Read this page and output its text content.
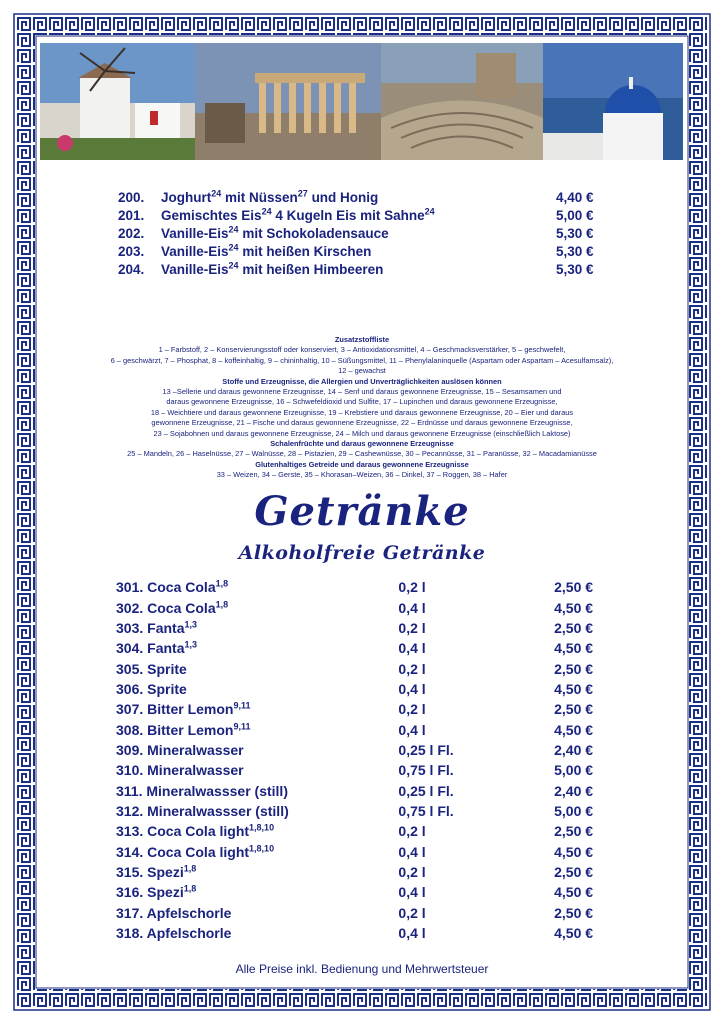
200.	Joghurt$^{24}$ mit Nüssen$^{27}$ und Honig	4,40 €
201.	Gemischtes Eis$^{24}$ 4 Kugeln Eis mit Sahne$^{24}$	5,00 €
202.	Vanille-Eis$^{24}$ mit Schokoladensauce	5,30 €
203.	Vanille-Eis$^{24}$ mit heißen Kirschen	5,30 €
204.	Vanille-Eis$^{24}$ mit heißen Himbeeren	5,30 €
Zusatzstoffliste
1 – Farbstoff, 2 – Konservierungsstoff oder konserviert, 3 – Antioxidationsmittel, 4 – Geschmacksverstärker, 5 – geschwefelt,
6 – geschwärzt, 7 – Phosphat, 8 – koffeinhaltig, 9 – chininhaltig, 10 – Süßungsmittel, 11 – Phenylalaninquelle (Aspartam oder Aspartam – Acesulfamsalz),
12 – gewachst
Stoffe und Erzeugnisse, die Allergien und Unverträglichkeiten auslösen können
13 –Sellerie und daraus gewonnene Erzeugnisse, 14 – Senf und daraus gewonnene Erzeugnisse, 15 – Sesamsamen und
daraus gewonnene Erzeugnisse, 16 – Schwefeldioxid und Sulfite, 17 – Lupinchen und daraus gewonnene Erzeugnisse,
18 – Weichtiere und daraus gewonnene Erzeugnisse, 19 – Krebstiere und daraus gewonnene Erzeugnisse, 20 – Eier und daraus
gewonnene Erzeugnisse, 21 – Fische und daraus gewonnene Erzeugnisse, 22 – Erdnüsse und daraus gewonnene Erzeugnisse,
23 – Sojabohnen und daraus gewonnene Erzeugnisse, 24 – Milch und daraus gewonnene Erzeugnisse (einschließlich Laktose)
Schalenfrüchte und daraus gewonnene Erzeugnisse
25 – Mandeln, 26 – Haselnüsse, 27 – Walnüsse, 28 – Pistazien, 29 – Cashewnüsse, 30 – Pecannüsse, 31 – Paranüsse, 32 – Macadamianüsse
Glutenhaltiges Getreide und daraus gewonnene Erzeugnisse
33 – Weizen, 34 – Gerste, 35 – Khorasan–Weizen, 36 – Dinkel, 37 – Roggen, 38 – Hafer
Getränke
Alkoholfreie Getränke
301. Coca Cola$^{1,8}$	0,2 l	2,50 €
302. Coca Cola$^{1,8}$	0,4 l	4,50 €
303. Fanta$^{1,3}$	0,2 l	2,50 €
304. Fanta$^{1,3}$	0,4 l	4,50 €
305. Sprite	0,2 l	2,50 €
306. Sprite	0,4 l	4,50 €
307. Bitter Lemon$^{9,11}$	0,2 l	2,50 €
308. Bitter Lemon$^{9,11}$	0,4 l	4,50 €
309. Mineralwasser	0,25 l Fl.	2,40 €
310. Mineralwasser	0,75 l Fl.	5,00 €
311. Mineralwassser (still)	0,25 l Fl.	2,40 €
312. Mineralwassser (still)	0,75 l Fl.	5,00 €
313. Coca Cola light$^{1,8,10}$	0,2 l	2,50 €
314. Coca Cola light$^{1,8,10}$	0,4 l	4,50 €
315. Spezi$^{1,8}$	0,2 l	2,50 €
316. Spezi$^{1,8}$	0,4 l	4,50 €
317. Apfelschorle	0,2 l	2,50 €
318. Apfelschorle	0,4 l	4,50 €
Alle Preise inkl. Bedienung und Mehrwertsteuer
